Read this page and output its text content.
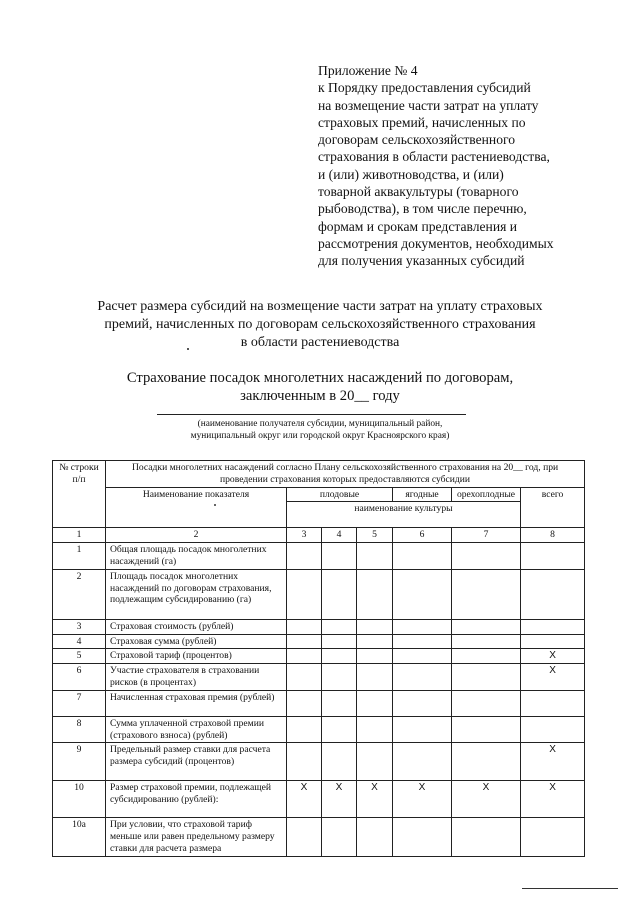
Приложение № 4
к Порядку предоставления субсидий
на возмещение части затрат на уплату
страховых премий, начисленных по
договорам сельскохозяйственного
страхования в области растениеводства,
и (или) животноводства, и (или)
товарной аквакультуры (товарного
рыбоводства), в том числе перечню,
формам и срокам представления и
рассмотрения документов, необходимых
для получения указанных субсидий
Расчет размера субсидий на возмещение части затрат на уплату страховых
премий, начисленных по договорам сельскохозяйственного страхования
в области растениеводства
Страхование посадок многолетних насаждений по договорам,
заключенным в 20__ году
(наименование получателя субсидии, муниципальный район,
муниципальный округ или городской округ Красноярского края)
№ строки п/п	Посадки многолетних насаждений согласно Плану сельскохозяйственного страхования на 20__ год, при проведении страхования которых предоставляются субсидии						
	Наименование показателя	плодовые			ягодные	орехоплодные	всего
		наименование культуры					
1	2	3	4	5	6	7	8
1	Общая площадь посадок многолетних насаждений (га)						
2	Площадь посадок многолетних насаждений по договорам страхования, подлежащим субсидированию (га)						
3	Страховая стоимость (рублей)						
4	Страховая сумма (рублей)						
5	Страховой тариф (процентов)						Х
6	Участие страхователя в страховании рисков (в процентах)						Х
7	Начисленная страховая премия (рублей)						
8	Сумма уплаченной страховой премии (страхового взноса) (рублей)						
9	Предельный размер ставки для расчета размера субсидий (процентов)						Х
10	Размер страховой премии, подлежащей субсидированию (рублей):	Х	Х	Х	Х	Х	Х
10а	При условии, что страховой тариф меньше или равен предельному размеру ставки для расчета размера						
